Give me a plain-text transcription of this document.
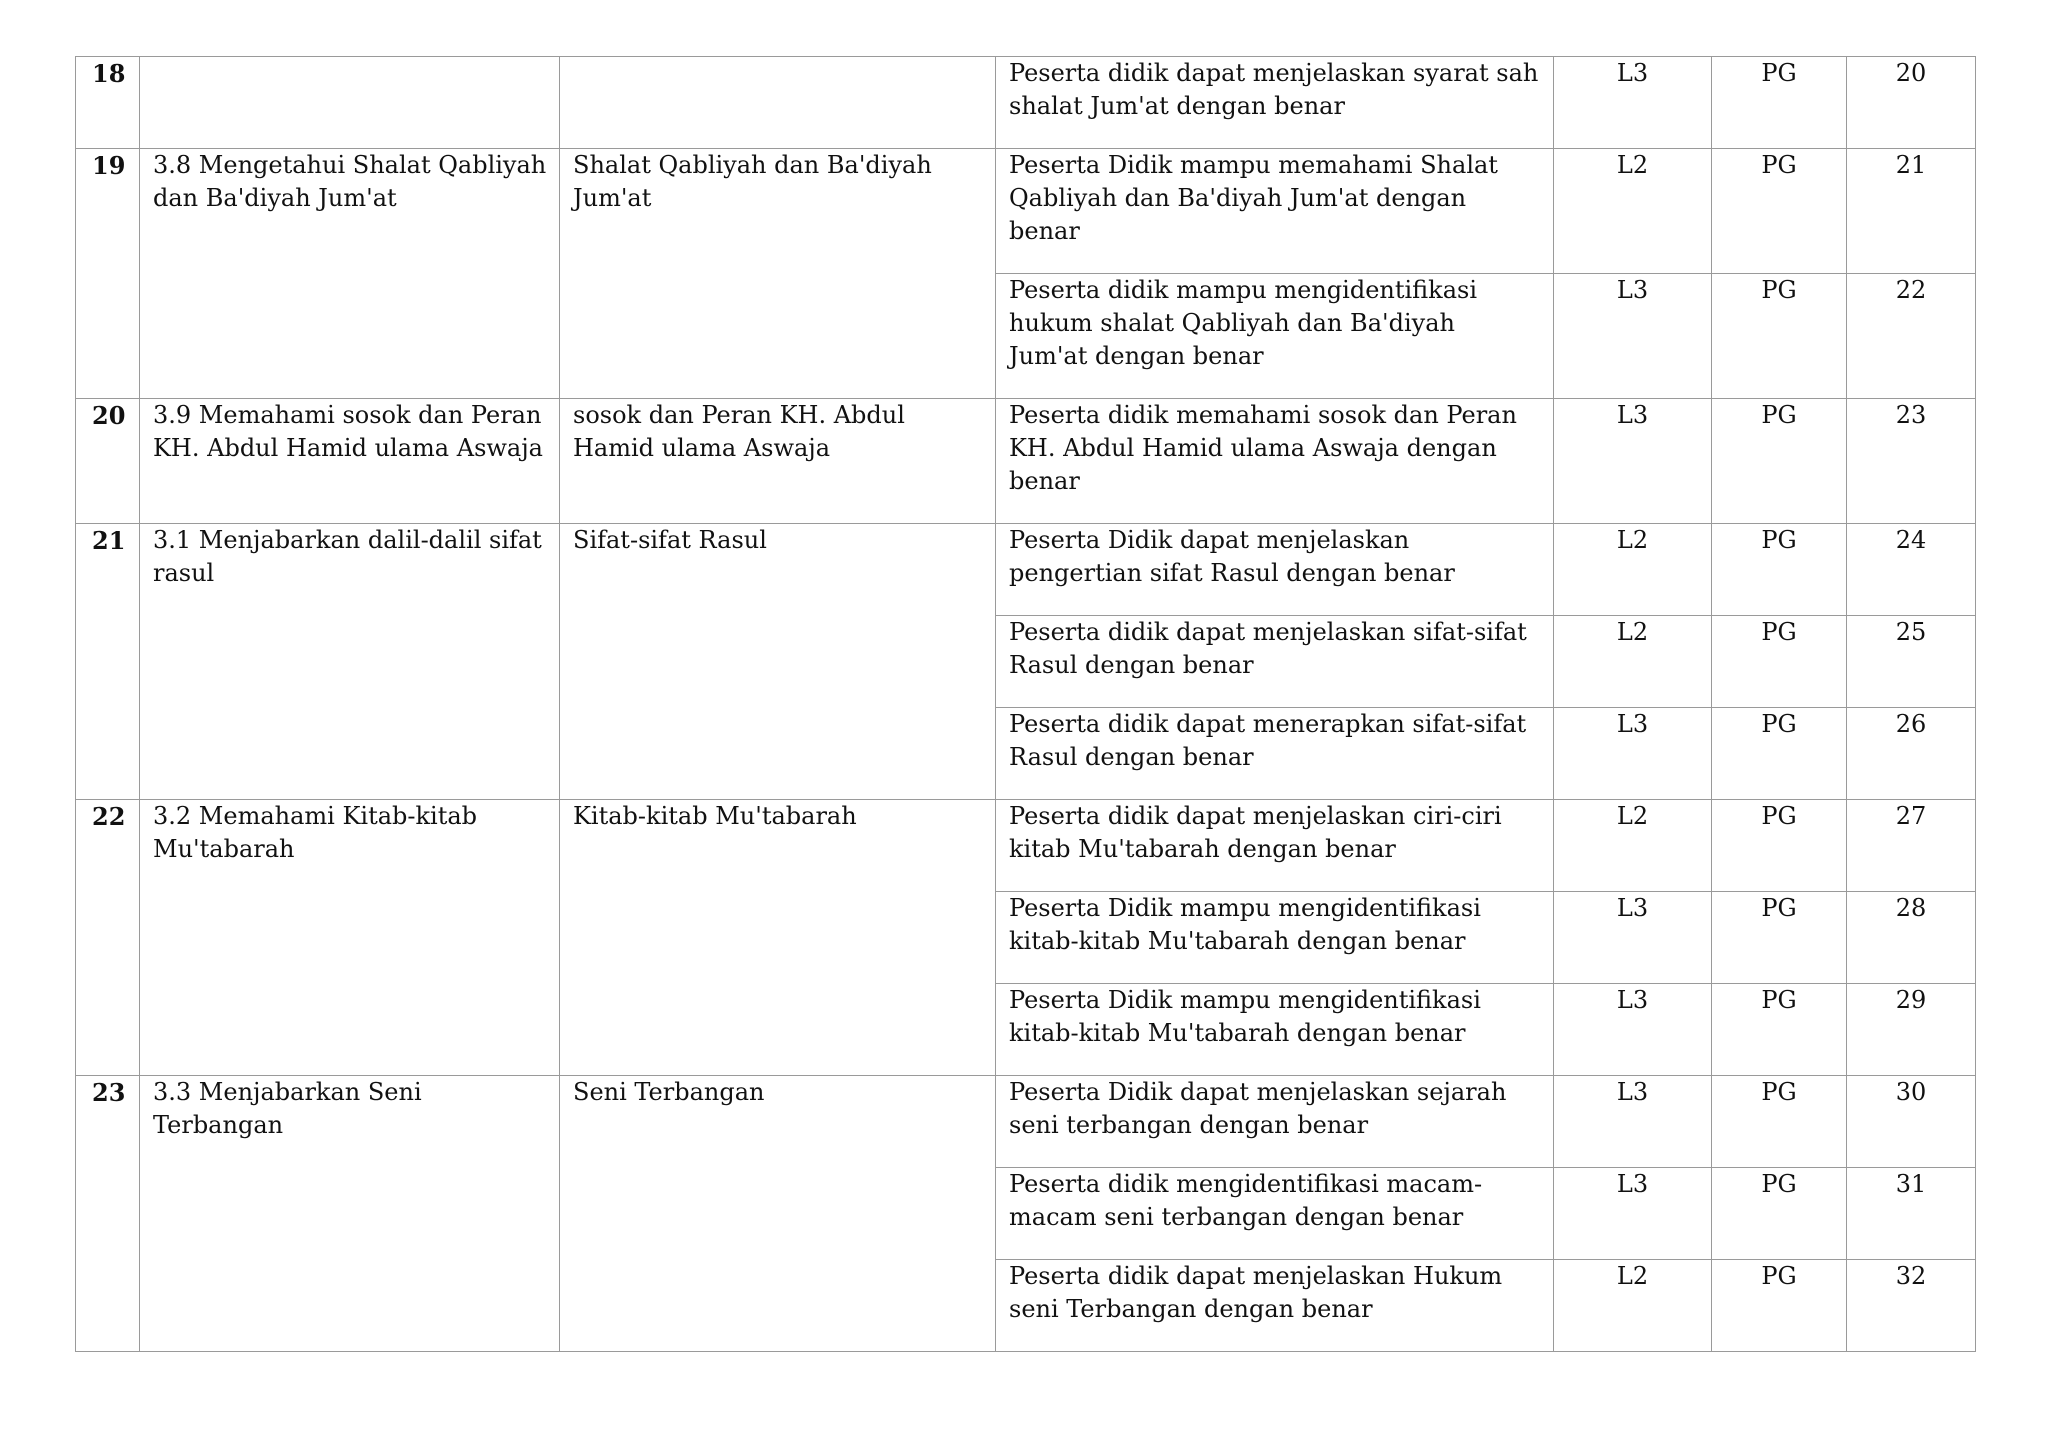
18			Peserta didik dapat menjelaskan syarat sah shalat Jum'at dengan benar	L3	PG	20
19	3.8 Mengetahui Shalat Qabliyah dan Ba'diyah Jum'at	Shalat Qabliyah dan Ba'diyah Jum'at	Peserta Didik mampu memahami Shalat Qabliyah dan Ba'diyah Jum'at dengan benar	L2	PG	21
			Peserta didik mampu mengidentifikasi hukum shalat Qabliyah dan Ba'diyah Jum'at dengan benar	L3	PG	22
20	3.9 Memahami sosok dan Peran KH. Abdul Hamid ulama Aswaja	sosok dan Peran KH. Abdul Hamid ulama Aswaja	Peserta didik memahami sosok dan Peran KH. Abdul Hamid ulama Aswaja dengan benar	L3	PG	23
21	3.1 Menjabarkan dalil-dalil sifat rasul	Sifat-sifat Rasul	Peserta Didik dapat menjelaskan pengertian sifat Rasul dengan benar	L2	PG	24
			Peserta didik dapat menjelaskan sifat-sifat Rasul dengan benar	L2	PG	25
			Peserta didik dapat menerapkan sifat-sifat Rasul dengan benar	L3	PG	26
22	3.2 Memahami Kitab-kitab Mu'tabarah	Kitab-kitab Mu'tabarah	Peserta didik dapat menjelaskan ciri-ciri kitab Mu'tabarah dengan benar	L2	PG	27
			Peserta Didik mampu mengidentifikasi kitab-kitab Mu'tabarah dengan benar	L3	PG	28
			Peserta Didik mampu mengidentifikasi kitab-kitab Mu'tabarah dengan benar	L3	PG	29
23	3.3 Menjabarkan Seni Terbangan	Seni Terbangan	Peserta Didik dapat menjelaskan sejarah seni terbangan dengan benar	L3	PG	30
			Peserta didik mengidentifikasi macam-macam seni terbangan dengan benar	L3	PG	31
			Peserta didik dapat menjelaskan Hukum seni Terbangan dengan benar	L2	PG	32
